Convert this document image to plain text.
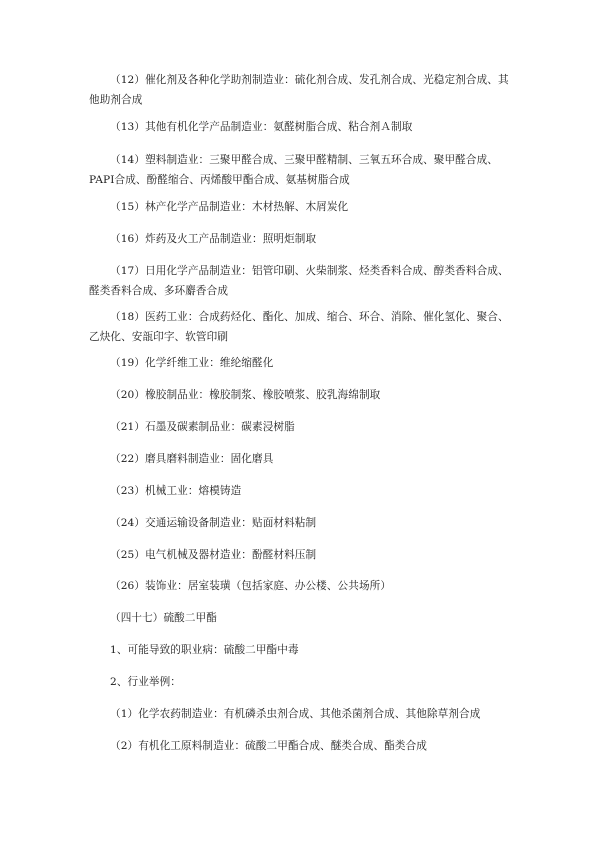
（12）催化剂及各种化学助剂制造业：硫化剂合成、发孔剂合成、光稳定剂合成、其他助剂合成

（13）其他有机化学产品制造业：氨醛树脂合成、粘合剂Ａ制取

（14）塑料制造业：三聚甲醛合成、三聚甲醛精制、三氧五环合成、聚甲醛合成、PAPI合成、酚醛缩合、丙烯酸甲酯合成、氨基树脂合成

（15）林产化学产品制造业：木材热解、木屑炭化

（16）炸药及火工产品制造业：照明炬制取

（17）日用化学产品制造业：铝管印刷、火柴制浆、烃类香料合成、醇类香料合成、醛类香料合成、多环麝香合成

（18）医药工业：合成药烃化、酯化、加成、缩合、环合、消除、催化氢化、聚合、乙炔化、安瓿印字、软管印刷

（19）化学纤维工业：维纶缩醛化

（20）橡胶制品业：橡胶制浆、橡胶喷浆、胶乳海绵制取

（21）石墨及碳素制品业：碳素浸树脂

（22）磨具磨料制造业：固化磨具

（23）机械工业：熔模铸造

（24）交通运输设备制造业：贴面材料粘制

（25）电气机械及器材造业：酚醛材料压制

（26）装饰业：居室装璜（包括家庭、办公楼、公共场所）

（四十七）硫酸二甲酯

1、可能导致的职业病：硫酸二甲酯中毒

2、行业举例：

（1）化学农药制造业：有机磷杀虫剂合成、其他杀菌剂合成、其他除草剂合成

（2）有机化工原料制造业：硫酸二甲酯合成、醚类合成、酯类合成
